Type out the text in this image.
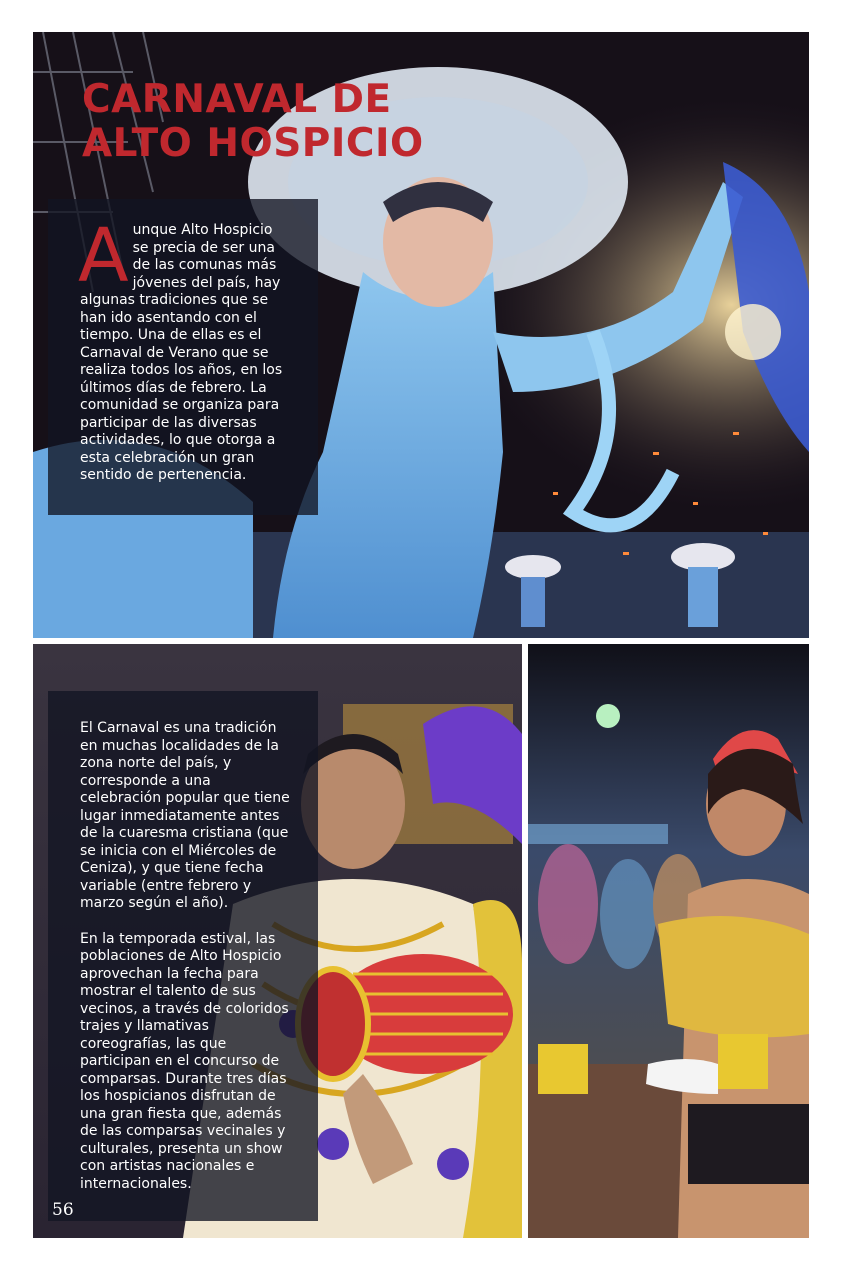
CARNAVAL DE
ALTO HOSPICIO
Aunque Alto Hospicio se precia de ser una de las comunas más jóvenes del país, hay algunas tradiciones que se han ido asentando con el tiempo. Una de ellas es el Carnaval de Verano que se realiza todos los años, en los últimos días de febrero. La comunidad se organiza para participar de las diversas actividades, lo que otorga a esta celebración un gran sentido de pertenencia.

El Carnaval es una tradición en muchas localidades de la zona norte del país, y corresponde a una celebración popular que tiene lugar inmediatamente antes de la cuaresma cristiana (que se inicia con el Miércoles de Ceniza), y que tiene fecha variable (entre febrero y marzo según el año).

En la temporada estival, las poblaciones de Alto Hospicio aprovechan la fecha para mostrar el talento de sus vecinos, a través de coloridos trajes y llamativas coreografías, las que participan en el concurso de comparsas. Durante tres días los hospicianos disfrutan de una gran fiesta que, además de las comparsas vecinales y culturales, presenta un show con artistas nacionales e internacionales.

56
